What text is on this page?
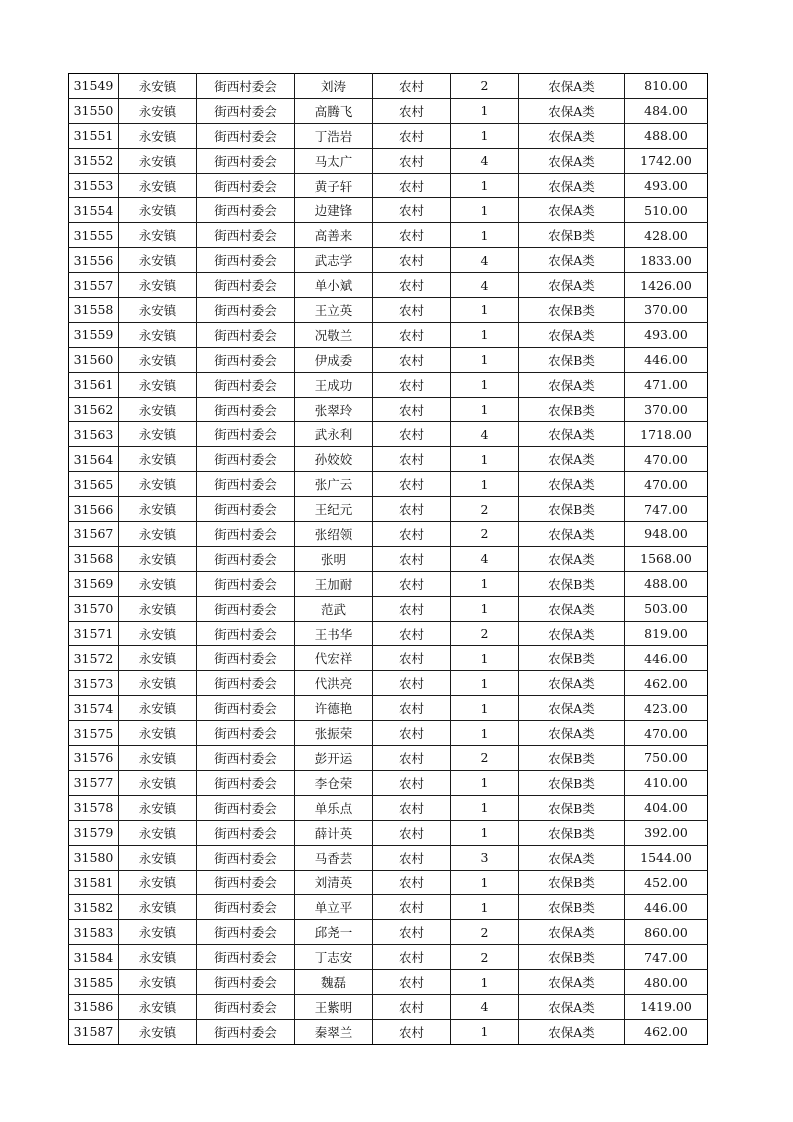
31549	永安镇	街西村委会	刘涛	农村	2	农保A类	810.00
31550	永安镇	街西村委会	高腾飞	农村	1	农保A类	484.00
31551	永安镇	街西村委会	丁浩岩	农村	1	农保A类	488.00
31552	永安镇	街西村委会	马太广	农村	4	农保A类	1742.00
31553	永安镇	街西村委会	黄子轩	农村	1	农保A类	493.00
31554	永安镇	街西村委会	边建锋	农村	1	农保A类	510.00
31555	永安镇	街西村委会	高善来	农村	1	农保B类	428.00
31556	永安镇	街西村委会	武志学	农村	4	农保A类	1833.00
31557	永安镇	街西村委会	单小斌	农村	4	农保A类	1426.00
31558	永安镇	街西村委会	王立英	农村	1	农保B类	370.00
31559	永安镇	街西村委会	况敬兰	农村	1	农保A类	493.00
31560	永安镇	街西村委会	伊成委	农村	1	农保B类	446.00
31561	永安镇	街西村委会	王成功	农村	1	农保A类	471.00
31562	永安镇	街西村委会	张翠玲	农村	1	农保B类	370.00
31563	永安镇	街西村委会	武永利	农村	4	农保A类	1718.00
31564	永安镇	街西村委会	孙姣姣	农村	1	农保A类	470.00
31565	永安镇	街西村委会	张广云	农村	1	农保A类	470.00
31566	永安镇	街西村委会	王纪元	农村	2	农保B类	747.00
31567	永安镇	街西村委会	张绍领	农村	2	农保A类	948.00
31568	永安镇	街西村委会	张明	农村	4	农保A类	1568.00
31569	永安镇	街西村委会	王加耐	农村	1	农保B类	488.00
31570	永安镇	街西村委会	范武	农村	1	农保A类	503.00
31571	永安镇	街西村委会	王书华	农村	2	农保A类	819.00
31572	永安镇	街西村委会	代宏祥	农村	1	农保B类	446.00
31573	永安镇	街西村委会	代洪亮	农村	1	农保A类	462.00
31574	永安镇	街西村委会	许德艳	农村	1	农保A类	423.00
31575	永安镇	街西村委会	张振荣	农村	1	农保A类	470.00
31576	永安镇	街西村委会	彭开运	农村	2	农保B类	750.00
31577	永安镇	街西村委会	李仓荣	农村	1	农保B类	410.00
31578	永安镇	街西村委会	单乐点	农村	1	农保B类	404.00
31579	永安镇	街西村委会	薛计英	农村	1	农保B类	392.00
31580	永安镇	街西村委会	马香芸	农村	3	农保A类	1544.00
31581	永安镇	街西村委会	刘清英	农村	1	农保B类	452.00
31582	永安镇	街西村委会	单立平	农村	1	农保B类	446.00
31583	永安镇	街西村委会	邱尧一	农村	2	农保A类	860.00
31584	永安镇	街西村委会	丁志安	农村	2	农保B类	747.00
31585	永安镇	街西村委会	魏磊	农村	1	农保A类	480.00
31586	永安镇	街西村委会	王紫明	农村	4	农保A类	1419.00
31587	永安镇	街西村委会	秦翠兰	农村	1	农保A类	462.00
